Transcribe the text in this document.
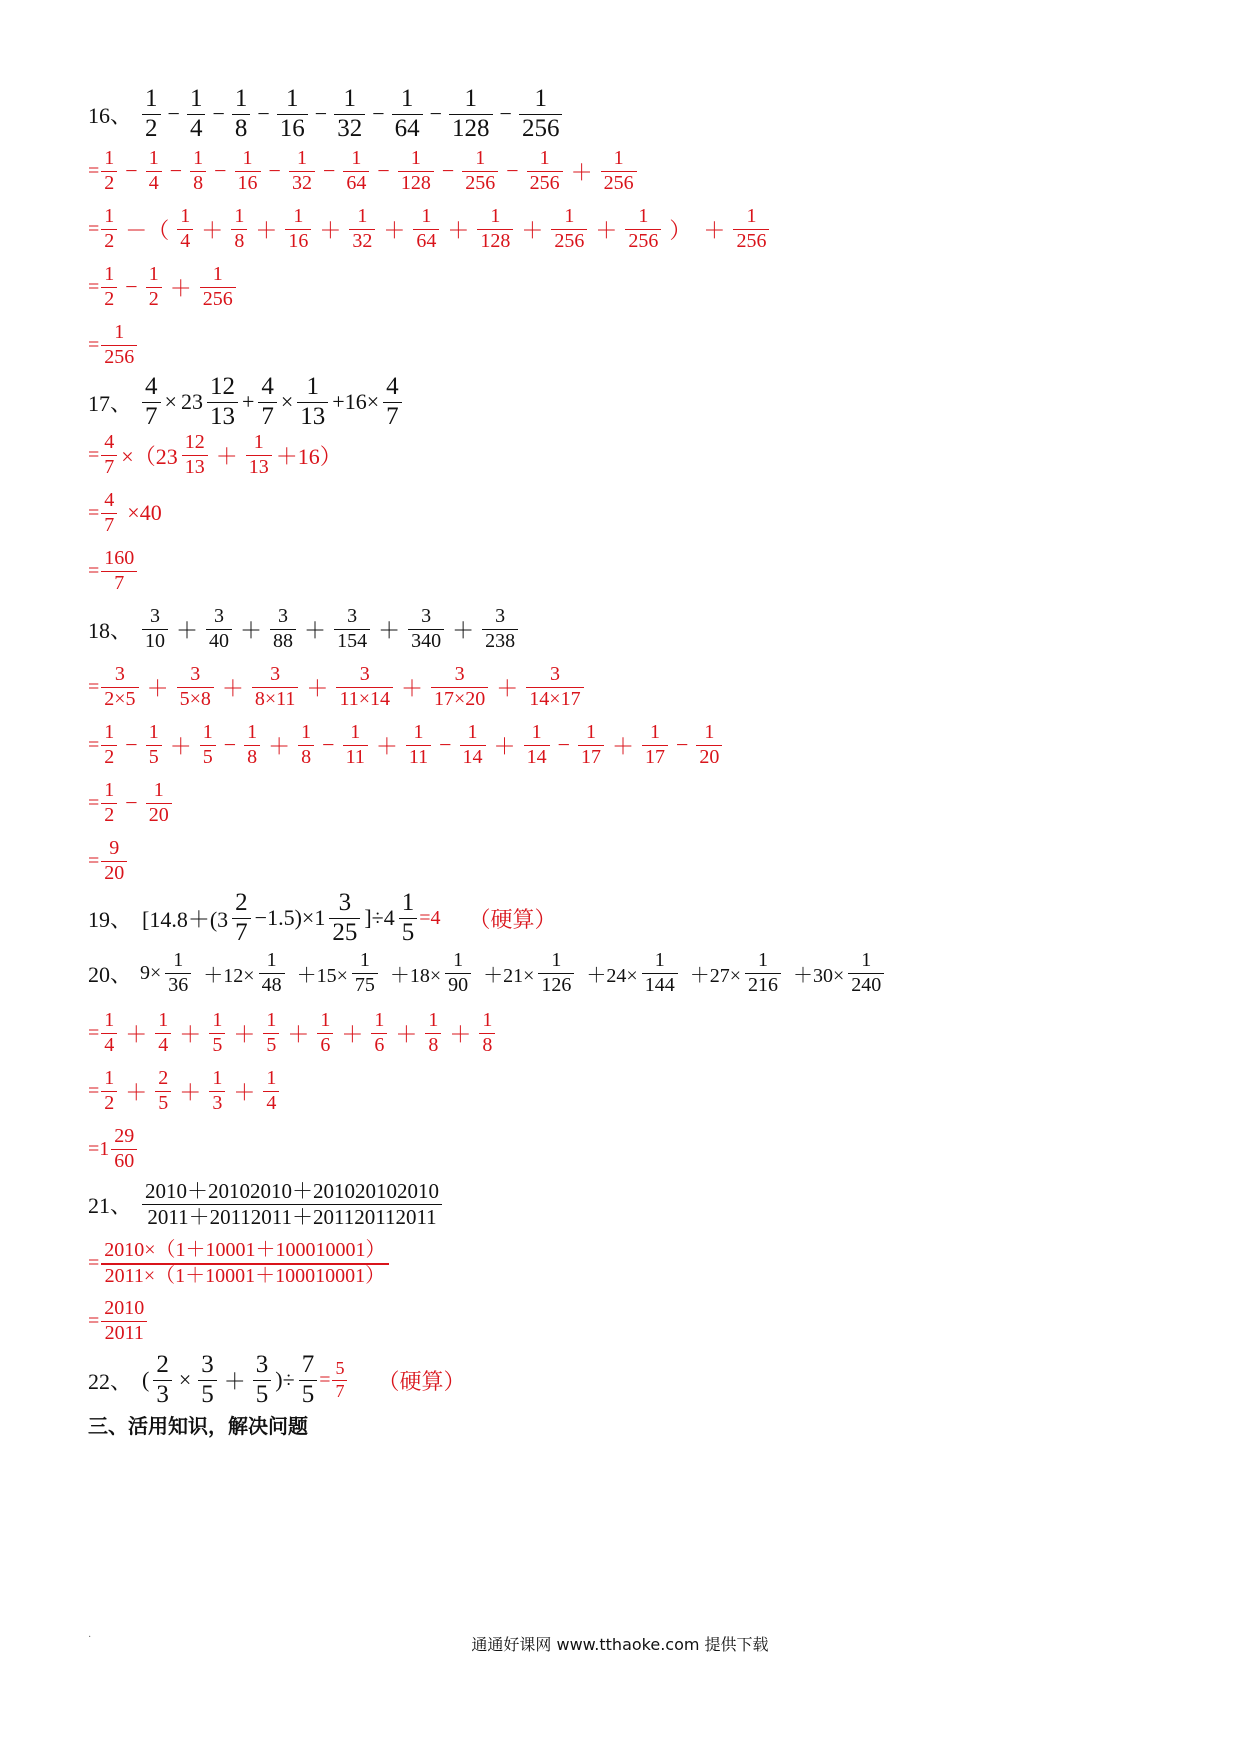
16、 $\frac{1}{2} - \frac{1}{4} - \frac{1}{8} - \frac{1}{16} - \frac{1}{32} - \frac{1}{64} - \frac{1}{128} - \frac{1}{256}$
= $\frac{1}{2} - \frac{1}{4} - \frac{1}{8} - \frac{1}{16} - \frac{1}{32} - \frac{1}{64} - \frac{1}{128} - \frac{1}{256} - \frac{1}{256} + \frac{1}{256}$
= $\frac{1}{2}$ －（ $\frac{1}{4} + \frac{1}{8} + \frac{1}{16} + \frac{1}{32} + \frac{1}{64} + \frac{1}{128} + \frac{1}{256} + \frac{1}{256}$ ） ＋ $\frac{1}{256}$
= $\frac{1}{2} - \frac{1}{2} + \frac{1}{256}$
= $\frac{1}{256}$
17、 $\frac{4}{7} \times 23 \frac{12}{13} + \frac{4}{7} \times \frac{1}{13} +16\times \frac{4}{7}$
= $\frac{4}{7} \times(23 \frac{12}{13} + \frac{1}{13} +16)$
= $\frac{4}{7} \times 40$
= $\frac{160}{7}$
18、 $\frac{3}{10} + \frac{3}{40} + \frac{3}{88} + \frac{3}{154} + \frac{3}{340} + \frac{3}{238}$
= $\frac{3}{2\times 5} + \frac{3}{5\times 8} + \frac{3}{8\times 11} + \frac{3}{11\times 14} + \frac{3}{17\times 20} + \frac{3}{14\times 17}$
= $\frac{1}{2} - \frac{1}{5} + \frac{1}{5} - \frac{1}{8} + \frac{1}{8} - \frac{1}{11} + \frac{1}{11} - \frac{1}{14} + \frac{1}{14} - \frac{1}{17} + \frac{1}{17} - \frac{1}{20}$
= $\frac{1}{2} - \frac{1}{20}$
= $\frac{9}{20}$
19、 $[14.8+(3 \frac{2}{7} -1.5)\times 1 \frac{3}{25} ]\div 4 \frac{1}{5} =4$ （硬算）
20、 $9\times \frac{1}{36} +12\times \frac{1}{48} +15\times \frac{1}{75} +18\times \frac{1}{90} +21\times \frac{1}{126} +24\times \frac{1}{144} +27\times \frac{1}{216} +30\times \frac{1}{240}$
= $\frac{1}{4} + \frac{1}{4} + \frac{1}{5} + \frac{1}{5} + \frac{1}{6} + \frac{1}{6} + \frac{1}{8} + \frac{1}{8}$
= $\frac{1}{2} + \frac{2}{5} + \frac{1}{3} + \frac{1}{4}$
$=1 \frac{29}{60}$
21、 $\frac{2010+20102010+201020102010}{2011+20112011+201120112011}$
= $\frac{2010\times(1+10001+100010001)}{2011\times(1+10001+100010001)}$
= $\frac{2010}{2011}$
22、 ( $\frac{2}{3} \times \frac{3}{5} + \frac{3}{5}$ )÷ $\frac{7}{5} = \frac{5}{7}$ （硬算）
三、活用知识，解决问题
·	通通好课网 www.tthaoke.com 提供下载
